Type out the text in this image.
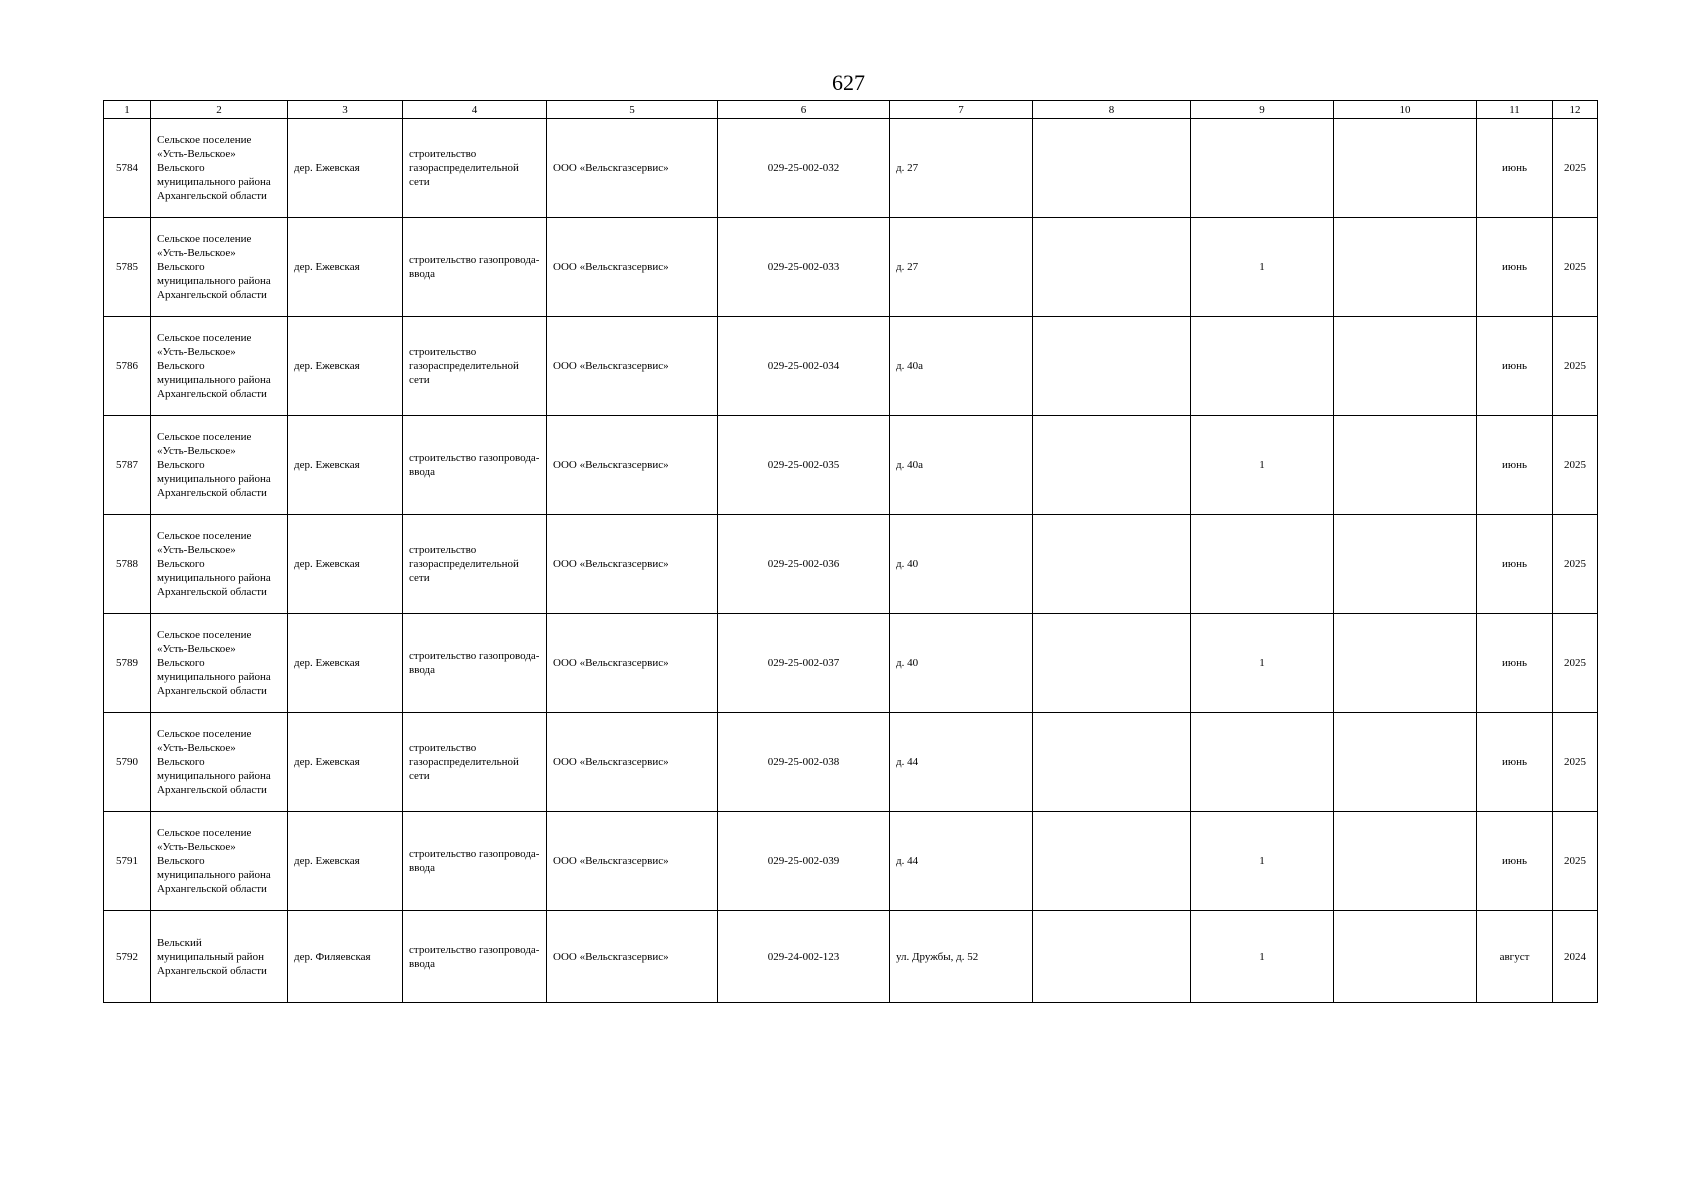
627
1	2	3	4	5	6	7	8	9	10	11	12
5784	Сельское поселение «Усть-Вельское» Вельского муниципального района Архангельской области	дер. Ежевская	строительство газораспределительной сети	ООО «Вельскгазсервис»	029-25-002-032	д. 27				июнь	2025
5785	Сельское поселение «Усть-Вельское» Вельского муниципального района Архангельской области	дер. Ежевская	строительство газопровода-ввода	ООО «Вельскгазсервис»	029-25-002-033	д. 27		1		июнь	2025
5786	Сельское поселение «Усть-Вельское» Вельского муниципального района Архангельской области	дер. Ежевская	строительство газораспределительной сети	ООО «Вельскгазсервис»	029-25-002-034	д. 40а				июнь	2025
5787	Сельское поселение «Усть-Вельское» Вельского муниципального района Архангельской области	дер. Ежевская	строительство газопровода-ввода	ООО «Вельскгазсервис»	029-25-002-035	д. 40а		1		июнь	2025
5788	Сельское поселение «Усть-Вельское» Вельского муниципального района Архангельской области	дер. Ежевская	строительство газораспределительной сети	ООО «Вельскгазсервис»	029-25-002-036	д. 40				июнь	2025
5789	Сельское поселение «Усть-Вельское» Вельского муниципального района Архангельской области	дер. Ежевская	строительство газопровода-ввода	ООО «Вельскгазсервис»	029-25-002-037	д. 40		1		июнь	2025
5790	Сельское поселение «Усть-Вельское» Вельского муниципального района Архангельской области	дер. Ежевская	строительство газораспределительной сети	ООО «Вельскгазсервис»	029-25-002-038	д. 44				июнь	2025
5791	Сельское поселение «Усть-Вельское» Вельского муниципального района Архангельской области	дер. Ежевская	строительство газопровода-ввода	ООО «Вельскгазсервис»	029-25-002-039	д. 44		1		июнь	2025
5792	Вельский муниципальный район Архангельской области	дер. Филяевская	строительство газопровода-ввода	ООО «Вельскгазсервис»	029-24-002-123	ул. Дружбы, д. 52		1		август	2024
